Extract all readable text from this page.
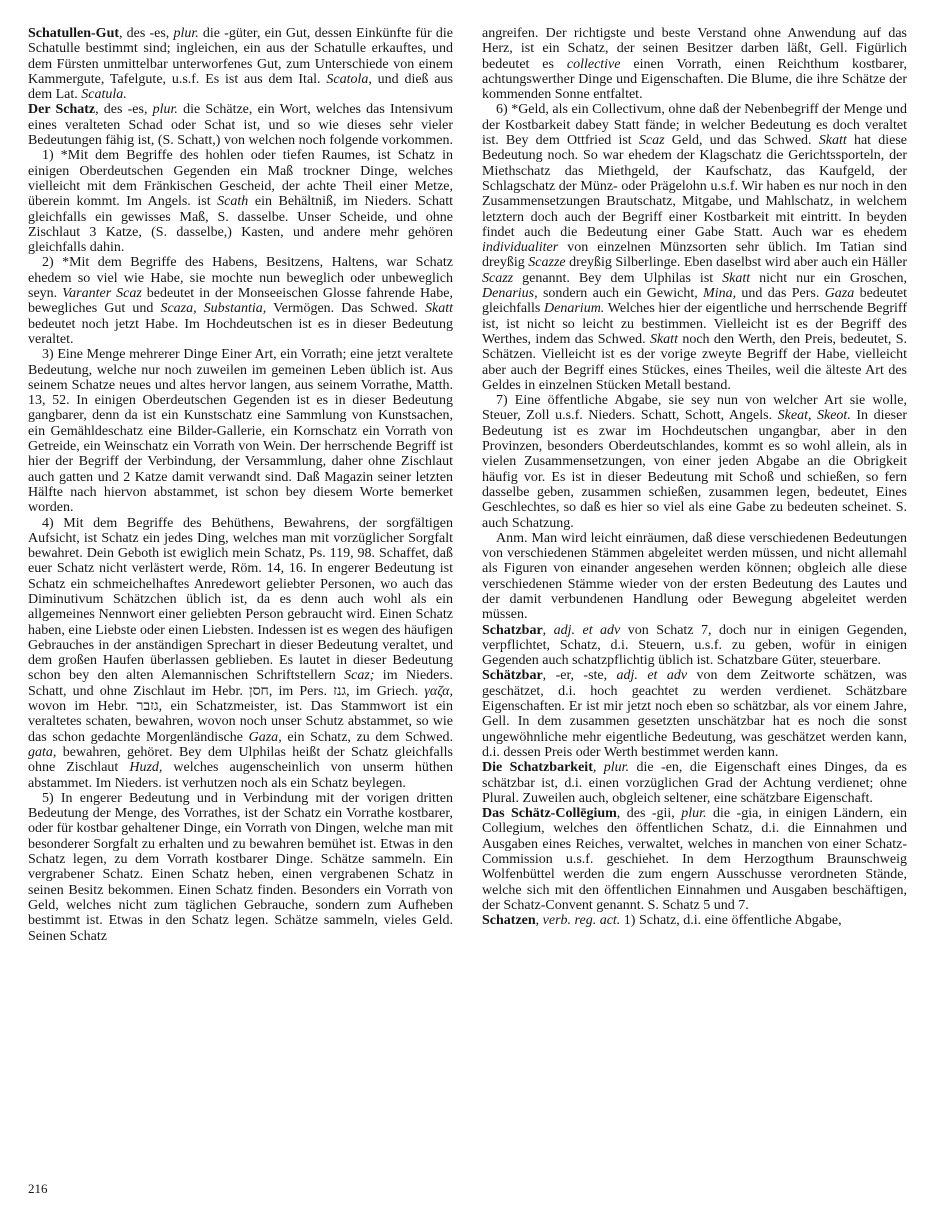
Schatullen-Gut, des -es, plur. die -güter, ein Gut, dessen Einkünfte für die Schatulle bestimmt sind; ingleichen, ein aus der Schatulle erkauftes, und dem Fürsten unmittelbar unterworfenes Gut, zum Unterschiede von einem Kammergute, Tafelgute, u.s.f. Es ist aus dem Ital. Scatola, und dieß aus dem Lat. Scatula.

Der Schatz, des -es, plur. die Schätze, ein Wort, welches das Intensivum eines veralteten Schad oder Schat ist, und so wie dieses sehr vieler Bedeutungen fähig ist, (S. Schatt,) von welchen noch folgende vorkommen.

1) *Mit dem Begriffe des hohlen oder tiefen Raumes, ist Schatz in einigen Oberdeutschen Gegenden ein Maß trockner Dinge, welches vielleicht mit dem Fränkischen Gescheid, der achte Theil einer Metze, überein kommt. Im Angels. ist Scath ein Behältniß, im Nieders. Schatt gleichfalls ein gewisses Maß, S. dasselbe. Unser Scheide, und ohne Zischlaut 3 Katze, (S. dasselbe,) Kasten, und andere mehr gehören gleichfalls dahin.

2) *Mit dem Begriffe des Habens, Besitzens, Haltens, war Schatz ehedem so viel wie Habe, sie mochte nun beweglich oder unbeweglich seyn. Varanter Scaz bedeutet in der Monseeischen Glosse fahrende Habe, bewegliches Gut und Scaza, Substantia, Vermögen. Das Schwed. Skatt bedeutet noch jetzt Habe. Im Hochdeutschen ist es in dieser Bedeutung veraltet.

3) Eine Menge mehrerer Dinge Einer Art, ein Vorrath; eine jetzt veraltete Bedeutung, welche nur noch zuweilen im gemeinen Leben üblich ist. Aus seinem Schatze neues und altes hervor langen, aus seinem Vorrathe, Matth. 13, 52. In einigen Oberdeutschen Gegenden ist es in dieser Bedeutung gangbarer, denn da ist ein Kunstschatz eine Sammlung von Kunstsachen, ein Gemähldeschatz eine Bilder-Gallerie, ein Kornschatz ein Vorrath von Getreide, ein Weinschatz ein Vorrath von Wein. Der herrschende Begriff ist hier der Begriff der Verbindung, der Versammlung, daher ohne Zischlaut auch gatten und 2 Katze damit verwandt sind. Daß Magazin seiner letzten Hälfte nach hiervon abstammet, ist schon bey diesem Worte bemerket worden.

4) Mit dem Begriffe des Behüthens, Bewahrens, der sorgfältigen Aufsicht, ist Schatz ein jedes Ding, welches man mit vorzüglicher Sorgfalt bewahret. Dein Geboth ist ewiglich mein Schatz, Ps. 119, 98. Schaffet, daß euer Schatz nicht verlästert werde, Röm. 14, 16. In engerer Bedeutung ist Schatz ein schmeichelhaftes Anredewort geliebter Personen, wo auch das Diminutivum Schätzchen üblich ist, da es denn auch wohl als ein allgemeines Nennwort einer geliebten Person gebraucht wird. Einen Schatz haben, eine Liebste oder einen Liebsten. Indessen ist es wegen des häufigen Gebrauches in der anständigen Sprechart in dieser Bedeutung veraltet, und dem großen Haufen überlassen geblieben. Es lautet in dieser Bedeutung schon bey den alten Alemannischen Schriftstellern Scaz; im Nieders. Schatt, und ohne Zischlaut im Hebr. חסן, im Pers. גנז, im Griech. γαζα, wovon im Hebr. גזבר, ein Schatzmeister, ist. Das Stammwort ist ein veraltetes schaten, bewahren, wovon noch unser Schutz abstammet, so wie das schon gedachte Morgenländische Gaza, ein Schatz, zu dem Schwed. gata, bewahren, gehöret. Bey dem Ulphilas heißt der Schatz gleichfalls ohne Zischlaut Huzd, welches augenscheinlich von unserm hüthen abstammet. Im Nieders. ist verhutzen noch als ein Schatz beylegen.

5) In engerer Bedeutung und in Verbindung mit der vorigen dritten Bedeutung der Menge, des Vorrathes, ist der Schatz ein Vorrathe kostbarer, oder für kostbar gehaltener Dinge, ein Vorrath von Dingen, welche man mit besonderer Sorgfalt zu erhalten und zu bewahren bemühet ist. Etwas in den Schatz legen, zu dem Vorrath kostbarer Dinge. Schätze sammeln. Ein vergrabener Schatz. Einen Schatz heben, einen vergrabenen Schatz in seinen Besitz bekommen. Einen Schatz finden. Besonders ein Vorrath von Geld, welches nicht zum täglichen Gebrauche, sondern zum Aufheben bestimmt ist. Etwas in den Schatz legen. Schätze sammeln, vieles Geld. Seinen Schatz

angreifen. Der richtigste und beste Verstand ohne Anwendung auf das Herz, ist ein Schatz, der seinen Besitzer darben läßt, Gell. Figürlich bedeutet es collective einen Vorrath, einen Reichthum kostbarer, achtungswerther Dinge und Eigenschaften. Die Blume, die ihre Schätze der kommenden Sonne entfaltet.

6) *Geld, als ein Collectivum, ohne daß der Nebenbegriff der Menge und der Kostbarkeit dabey Statt fände; in welcher Bedeutung es doch veraltet ist. Bey dem Ottfried ist Scaz Geld, und das Schwed. Skatt hat diese Bedeutung noch. So war ehedem der Klagschatz die Gerichtssporteln, der Miethschatz das Miethgeld, der Kaufschatz, das Kaufgeld, der Schlagschatz der Münz- oder Prägelohn u.s.f. Wir haben es nur noch in den Zusammensetzungen Brautschatz, Mitgabe, und Mahlschatz, in welchem letztern doch auch der Begriff einer Kostbarkeit mit eintritt. In beyden findet auch die Bedeutung einer Gabe Statt. Auch war es ehedem individualiter von einzelnen Münzsorten sehr üblich. Im Tatian sind dreyßig Scazze dreyßig Silberlinge. Eben daselbst wird aber auch ein Häller Scazz genannt. Bey dem Ulphilas ist Skatt nicht nur ein Groschen, Denarius, sondern auch ein Gewicht, Mina, und das Pers. Gaza bedeutet gleichfalls Denarium. Welches hier der eigentliche und herrschende Begriff ist, ist nicht so leicht zu bestimmen. Vielleicht ist es der Begriff des Werthes, indem das Schwed. Skatt noch den Werth, den Preis, bedeutet, S. Schätzen. Vielleicht ist es der vorige zweyte Begriff der Habe, vielleicht aber auch der Begriff eines Stückes, eines Theiles, weil die älteste Art des Geldes in einzelnen Stücken Metall bestand.

7) Eine öffentliche Abgabe, sie sey nun von welcher Art sie wolle, Steuer, Zoll u.s.f. Nieders. Schatt, Schott, Angels. Skeat, Skeot. In dieser Bedeutung ist es zwar im Hochdeutschen ungangbar, aber in den Provinzen, besonders Oberdeutschlandes, kommt es so wohl allein, als in vielen Zusammensetzungen, von einer jeden Abgabe an die Obrigkeit häufig vor. Es ist in dieser Bedeutung mit Schoß und schießen, so fern dasselbe geben, zusammen schießen, zusammen legen, bedeutet, Eines Geschlechtes, so daß es hier so viel als eine Gabe zu bedeuten scheinet. S. auch Schatzung.

Anm. Man wird leicht einräumen, daß diese verschiedenen Bedeutungen von verschiedenen Stämmen abgeleitet werden müssen, und nicht allemahl als Figuren von einander angesehen werden können; obgleich alle diese verschiedenen Stämme wieder von der ersten Bedeutung des Lautes und der damit verbundenen Handlung oder Bewegung abgeleitet werden müssen.

Schatzbar, adj. et adv von Schatz 7, doch nur in einigen Gegenden, verpflichtet, Schatz, d.i. Steuern, u.s.f. zu geben, wofür in einigen Gegenden auch schatzpflichtig üblich ist. Schatzbare Güter, steuerbare.

Schätzbar, -er, -ste, adj. et adv von dem Zeitworte schätzen, was geschätzet, d.i. hoch geachtet zu werden verdienet. Schätzbare Eigenschaften. Er ist mir jetzt noch eben so schätzbar, als vor einem Jahre, Gell. In dem zusammen gesetzten unschätzbar hat es noch die sonst ungewöhnliche mehr eigentliche Bedeutung, was geschätzet werden kann, d.i. dessen Preis oder Werth bestimmet werden kann.

Die Schatzbarkeit, plur. die -en, die Eigenschaft eines Dinges, da es schätzbar ist, d.i. einen vorzüglichen Grad der Achtung verdienet; ohne Plural. Zuweilen auch, obgleich seltener, eine schätzbare Eigenschaft.

Das Schätz-Collēgium, des -gii, plur. die -gia, in einigen Ländern, ein Collegium, welches den öffentlichen Schatz, d.i. die Einnahmen und Ausgaben eines Reiches, verwaltet, welches in manchen von einer Schatz-Commission u.s.f. geschiehet. In dem Herzogthum Braunschweig Wolfenbüttel werden die zum engern Ausschusse verordneten Stände, welche sich mit den öffentlichen Einnahmen und Ausgaben beschäftigen, der Schatz-Convent genannt. S. Schatz 5 und 7.

Schatzen, verb. reg. act. 1) Schatz, d.i. eine öffentliche Abgabe,

216
